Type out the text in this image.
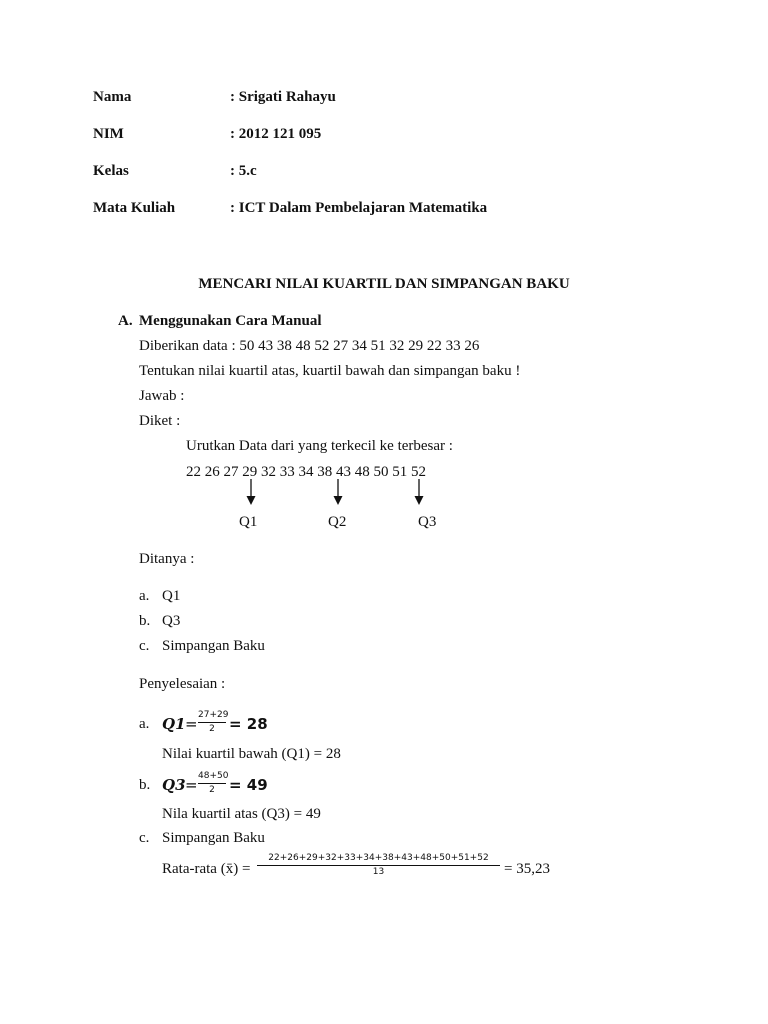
Nama	: Srigati Rahayu
NIM	: 2012 121 095
Kelas	: 5.c
Mata Kuliah	: ICT Dalam Pembelajaran Matematika
MENCARI NILAI KUARTIL DAN SIMPANGAN BAKU
A. Menggunakan Cara Manual
Diberikan data : 50 43 38 48 52 27 34 51 32 29 22 33 26
Tentukan nilai kuartil atas, kuartil bawah dan simpangan baku !
Jawab :
Diket :
Urutkan Data dari yang terkecil ke terbesar :
22 26 27 29 32 33 34 38 43 48 50 51 52
Q1	Q2	Q3
Ditanya :
a. Q1
b. Q3
c. Simpangan Baku
Penyelesaian :
a. Q1 = 27+29
2 = 28
Nilai kuartil bawah (Q1) = 28
b. Q3 = 48+50
2 = 49
Nila kuartil atas (Q3) = 49
c. Simpangan Baku
Rata-rata (x̄) =
22+26+29+32+33+34+38+43+48+50+51+52
13	= 35,23
